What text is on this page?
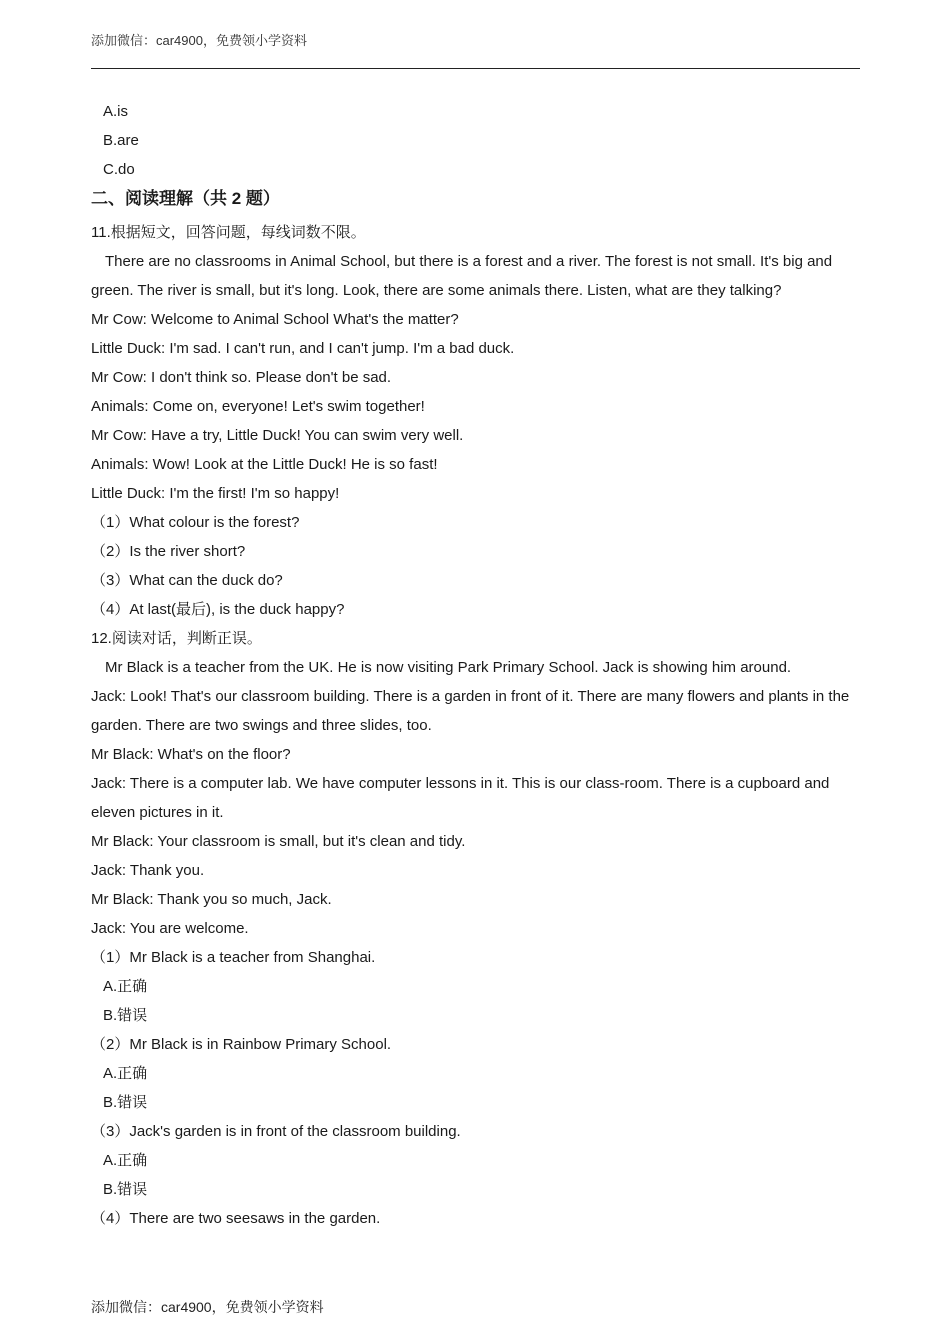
添加微信：car4900，免费领小学资料
A.is
B.are
C.do
二、阅读理解（共 2 题）
11.根据短文，回答问题，每线词数不限。
There are no classrooms in Animal School, but there is a forest and a river. The forest is not small. It's big and green. The river is small, but it's long. Look, there are some animals there. Listen, what are they talking?
Mr Cow: Welcome to Animal School What's the matter?
Little Duck: I'm sad. I can't run, and I can't jump. I'm a bad duck.
Mr Cow: I don't think so. Please don't be sad.
Animals: Come on, everyone! Let's swim together!
Mr Cow: Have a try, Little Duck! You can swim very well.
Animals: Wow! Look at the Little Duck! He is so fast!
Little Duck: I'm the first! I'm so happy!
（1）What colour is the forest?
（2）Is the river short?
（3）What can the duck do?
（4）At last(最后), is the duck happy?
12.阅读对话，判断正误。
Mr Black is a teacher from the UK. He is now visiting Park Primary School. Jack is showing him around.
Jack: Look! That's our classroom building. There is a garden in front of it. There are many flowers and plants in the garden. There are two swings and three slides, too.
Mr Black: What's on the floor?
Jack: There is a computer lab. We have computer lessons in it. This is our class-room. There is a cupboard and eleven pictures in it.
Mr Black: Your classroom is small, but it's clean and tidy.
Jack: Thank you.
Mr Black: Thank you so much, Jack.
Jack: You are welcome.
（1）Mr Black is a teacher from Shanghai.
A.正确
B.错误
（2）Mr Black is in Rainbow Primary School.
A.正确
B.错误
（3）Jack's garden is in front of the classroom building.
A.正确
B.错误
（4）There are two seesaws in the garden.
添加微信：car4900，免费领小学资料
